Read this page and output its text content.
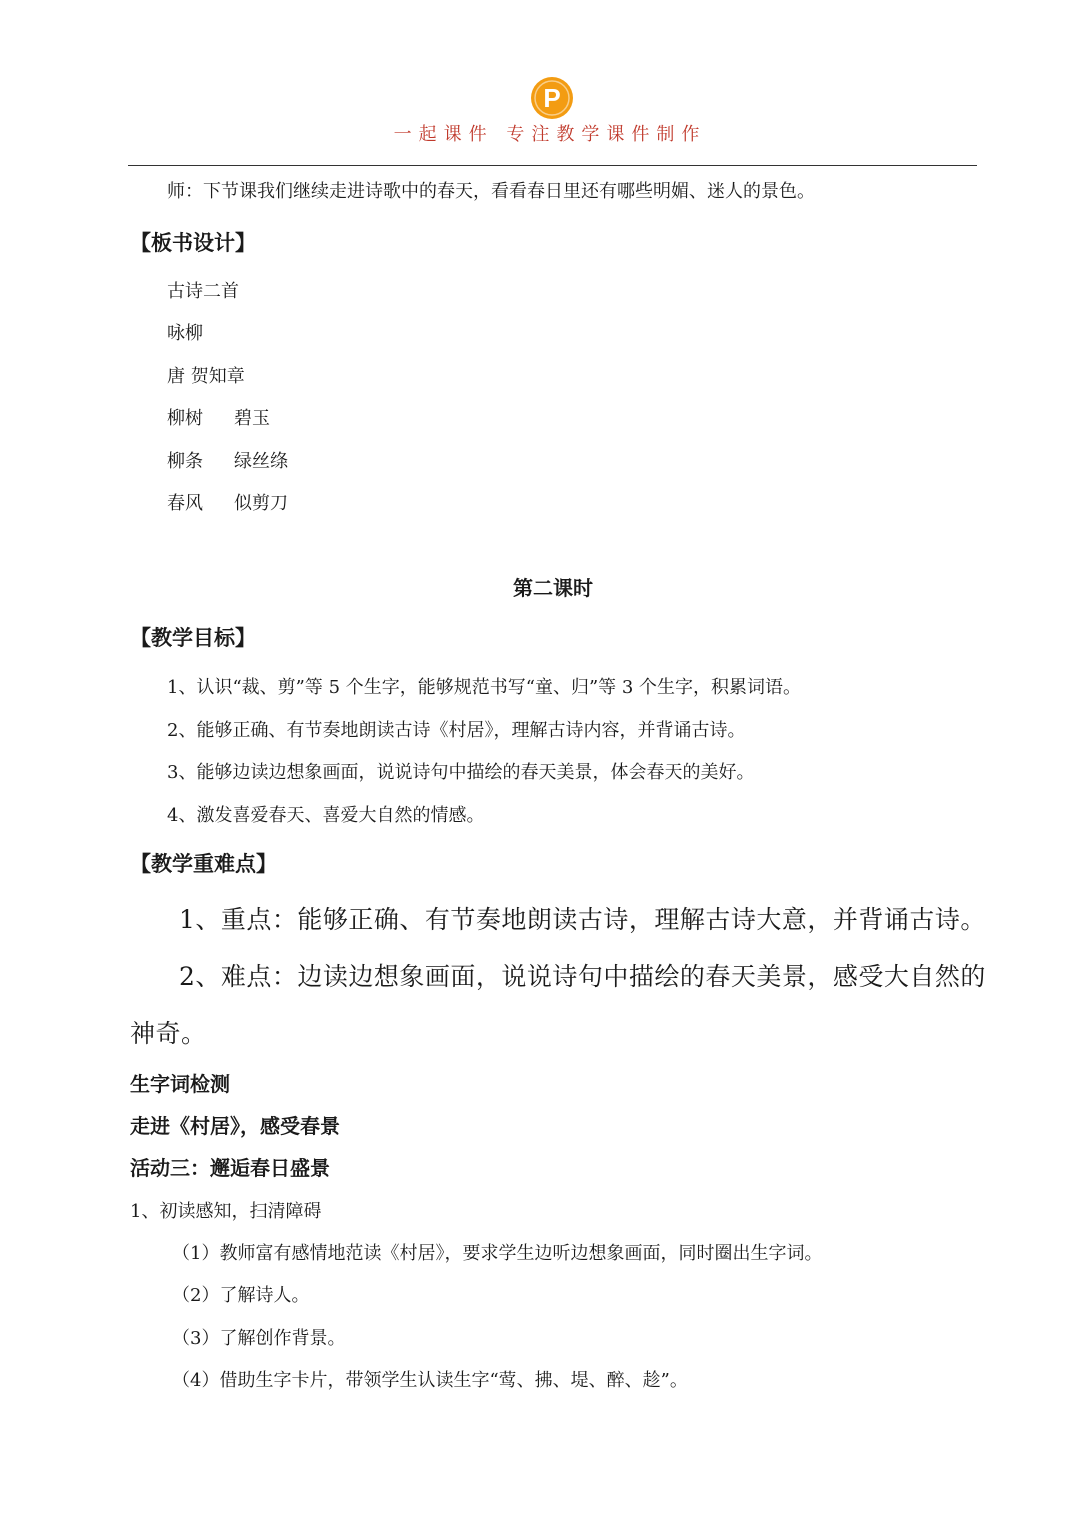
P
一起课件 专注教学课件制作
师：下节课我们继续走进诗歌中的春天，看看春日里还有哪些明媚、迷人的景色。
【板书设计】
古诗二首
咏柳
唐 贺知章
柳树 碧玉
柳条 绿丝绦
春风 似剪刀
第二课时
【教学目标】
1、认识“裁、剪”等 5 个生字，能够规范书写“童、归”等 3 个生字，积累词语。
2、能够正确、有节奏地朗读古诗《村居》，理解古诗内容，并背诵古诗。
3、能够边读边想象画面，说说诗句中描绘的春天美景，体会春天的美好。
4、激发喜爱春天、喜爱大自然的情感。
【教学重难点】
1、重点：能够正确、有节奏地朗读古诗，理解古诗大意，并背诵古诗。
2、难点：边读边想象画面，说说诗句中描绘的春天美景，感受大自然的
神奇。
生字词检测
走进《村居》，感受春景
活动三：邂逅春日盛景
1、初读感知，扫清障碍
（1）教师富有感情地范读《村居》，要求学生边听边想象画面，同时圈出生字词。
（2）了解诗人。
（3）了解创作背景。
（4）借助生字卡片，带领学生认读生字“莺、拂、堤、醉、趁”。
